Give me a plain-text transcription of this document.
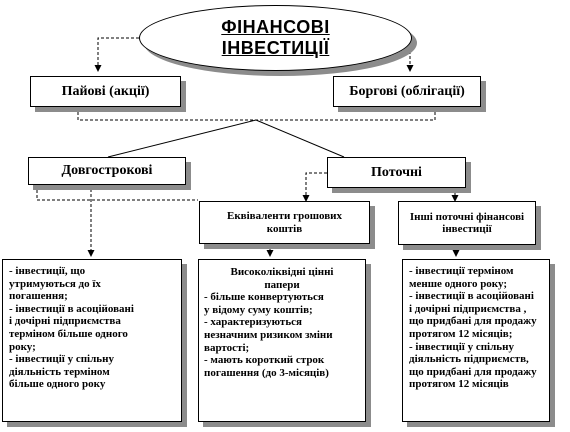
ФІНАНСОВІ
ІНВЕСТИЦІЇ
Пайові (акції)	Боргові (облігації)
Довгострокові	Поточні
Еквіваленти грошових
коштів
Інші поточні фінансові
інвестиції
- інвестиції, що
утримуються до їх
погашення;
- інвестиції в асоційовані
і дочірні підприємства
терміном більше одного
року;
- інвестиції у спільну
діяльність терміном
більше одного року
Високоліквідні цінні
папери
- більше конвертуються
у відому суму коштів;
- характеризуються
незначним ризиком зміни
вартості;
- мають короткий строк
погашення (до 3-місяців)
- інвестиції терміном
менше одного року;
- інвестиції в асоційовані
і дочірні підприємства ,
що придбані для продажу
протягом 12 місяців;
- інвестиції у спільну
діяльність підприємств,
що придбані для продажу
протягом 12 місяців
